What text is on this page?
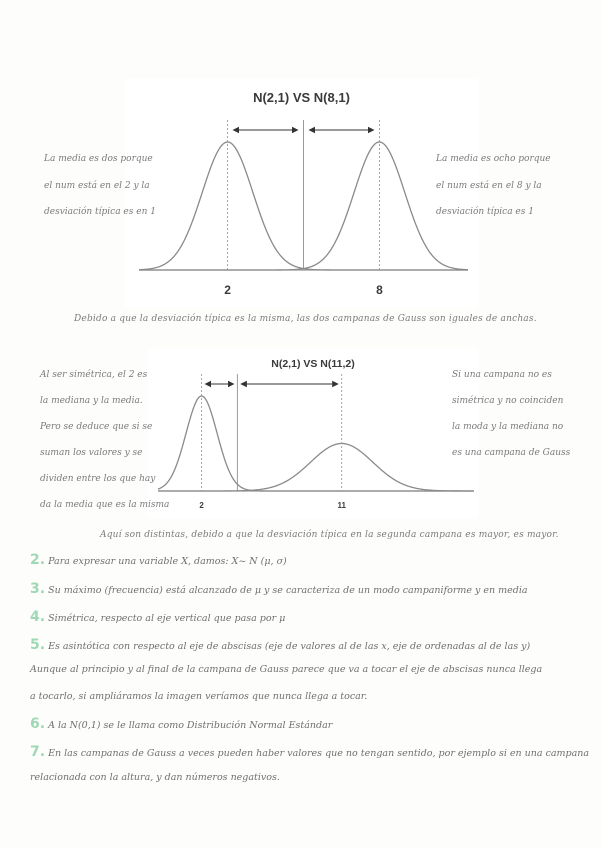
N(2,1) VS N(8,1)
2	8
La media es dos porque
el num está en el 2 y la
desviación típica es en 1
La media es ocho porque
el num está en el 8 y la
desviación típica es 1
Debido a que la desviación típica es la misma, las dos campanas de Gauss son iguales de anchas.
N(2,1) VS N(11,2)
2	11
Al ser simétrica, el 2 es
la mediana y la media.
Pero se deduce que si se
suman los valores y se
dividen entre los que hay
da la media que es la misma
Si una campana no es
simétrica y no coinciden
la moda y la mediana no
es una campana de Gauss
Aquí son distintas, debido a que la desviación típica en la segunda campana es mayor, es mayor.
2. Para expresar una variable X, damos: X~ N (μ, σ)
3. Su máximo (frecuencia) está alcanzado de μ y se caracteriza de un modo campaniforme y en media
4. Simétrica, respecto al eje vertical que pasa por μ
5. Es asintótica con respecto al eje de abscisas (eje de valores al de las x, eje de ordenadas al de las y)
Aunque al principio y al final de la campana de Gauss parece que va a tocar el eje de abscisas nunca llega
a tocarlo, si ampliáramos la imagen veríamos que nunca llega a tocar.
6. A la N(0,1) se le llama como Distribución Normal Estándar
7. En las campanas de Gauss a veces pueden haber valores que no tengan sentido, por ejemplo si en una campana
relacionada con la altura, y dan números negativos.
